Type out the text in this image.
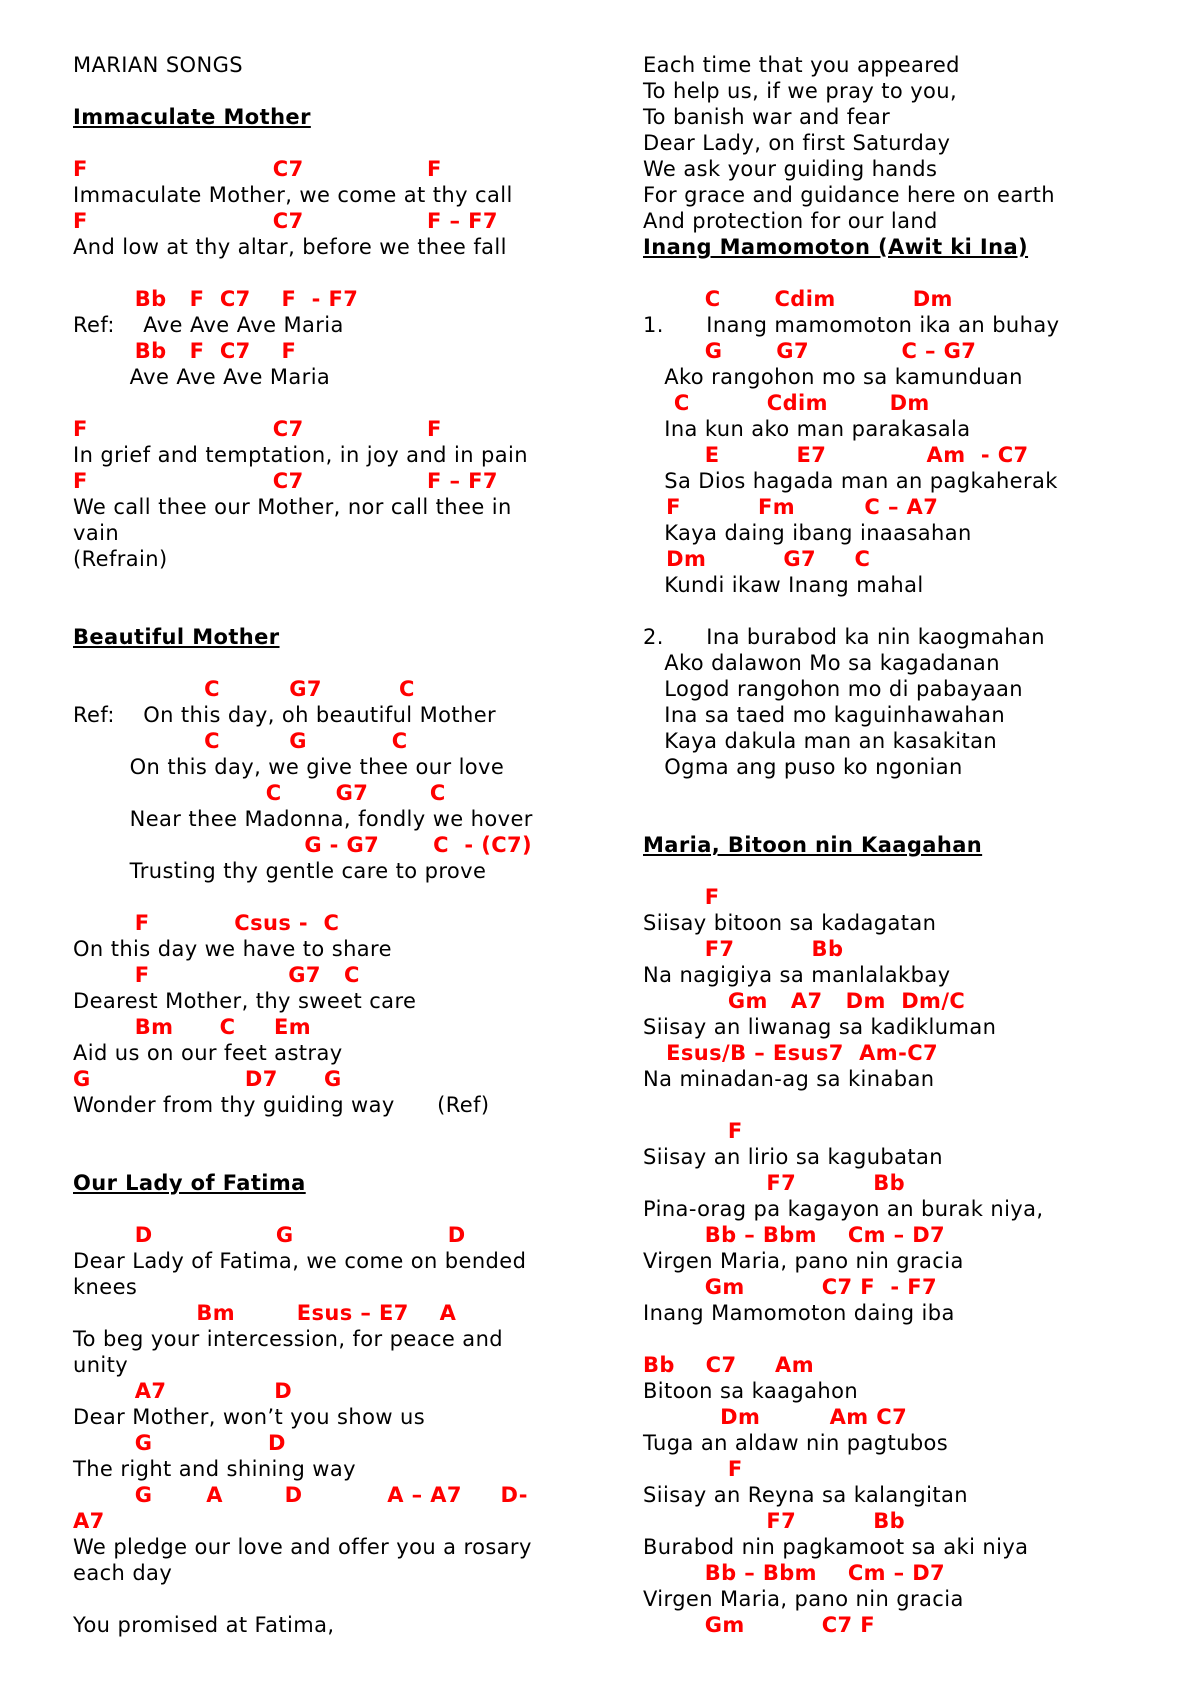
MARIAN SONGS
Immaculate Mother
F                        C7                F
Immaculate Mother, we come at thy call
F                        C7                F – F7
And low at thy altar, before we thee fall
Bb   F  C7    F  - F7
Ref:    Ave Ave Ave Maria
Bb   F  C7    F
Ave Ave Ave Maria
F                        C7                F
In grief and temptation, in joy and in pain
F                        C7                F – F7
We call thee our Mother, nor call thee in
vain
(Refrain)
Beautiful Mother
C         G7          C
Ref:    On this day, oh beautiful Mother
C         G           C
On this day, we give thee our love
C       G7        C
Near thee Madonna, fondly we hover
G - G7       C  - (C7)
Trusting thy gentle care to prove
F           Csus -  C
On this day we have to share
F                  G7   C
Dearest Mother, thy sweet care
Bm      C     Em
Aid us on our feet astray
G                    D7      G
Wonder from thy guiding way      (Ref)
Our Lady of Fatima
D                G                    D
Dear Lady of Fatima, we come on bended
knees
Bm        Esus – E7    A
To beg your intercession, for peace and
unity
A7              D
Dear Mother, won’t you show us
G               D
The right and shining way
G       A        D           A – A7     D-
A7
We pledge our love and offer you a rosary
each day
You promised at Fatima,
Each time that you appeared
To help us, if we pray to you,
To banish war and fear
Dear Lady, on first Saturday
We ask your guiding hands
For grace and guidance here on earth
And protection for our land
Inang Mamomoton (Awit ki Ina)
C       Cdim          Dm
1.      Inang mamomoton ika an buhay
G       G7            C – G7
Ako rangohon mo sa kamunduan
C          Cdim        Dm
Ina kun ako man parakasala
E          E7             Am  - C7
Sa Dios hagada man an pagkaherak
F          Fm         C – A7
Kaya daing ibang inaasahan
Dm          G7     C
Kundi ikaw Inang mahal
2.      Ina burabod ka nin kaogmahan
Ako dalawon Mo sa kagadanan
Logod rangohon mo di pabayaan
Ina sa taed mo kaguinhawahan
Kaya dakula man an kasakitan
Ogma ang puso ko ngonian
Maria, Bitoon nin Kaagahan
F
Siisay bitoon sa kadagatan
F7          Bb
Na nagigiya sa manlalakbay
Gm   A7   Dm  Dm/C
Siisay an liwanag sa kadikluman
Esus/B – Esus7  Am-C7
Na minadan-ag sa kinaban
F
Siisay an lirio sa kagubatan
F7          Bb
Pina-orag pa kagayon an burak niya,
Bb – Bbm    Cm – D7
Virgen Maria, pano nin gracia
Gm          C7 F  - F7
Inang Mamomoton daing iba
Bb    C7     Am
Bitoon sa kaagahon
Dm         Am C7
Tuga an aldaw nin pagtubos
F
Siisay an Reyna sa kalangitan
F7          Bb
Burabod nin pagkamoot sa aki niya
Bb – Bbm    Cm – D7
Virgen Maria, pano nin gracia
Gm          C7 F
